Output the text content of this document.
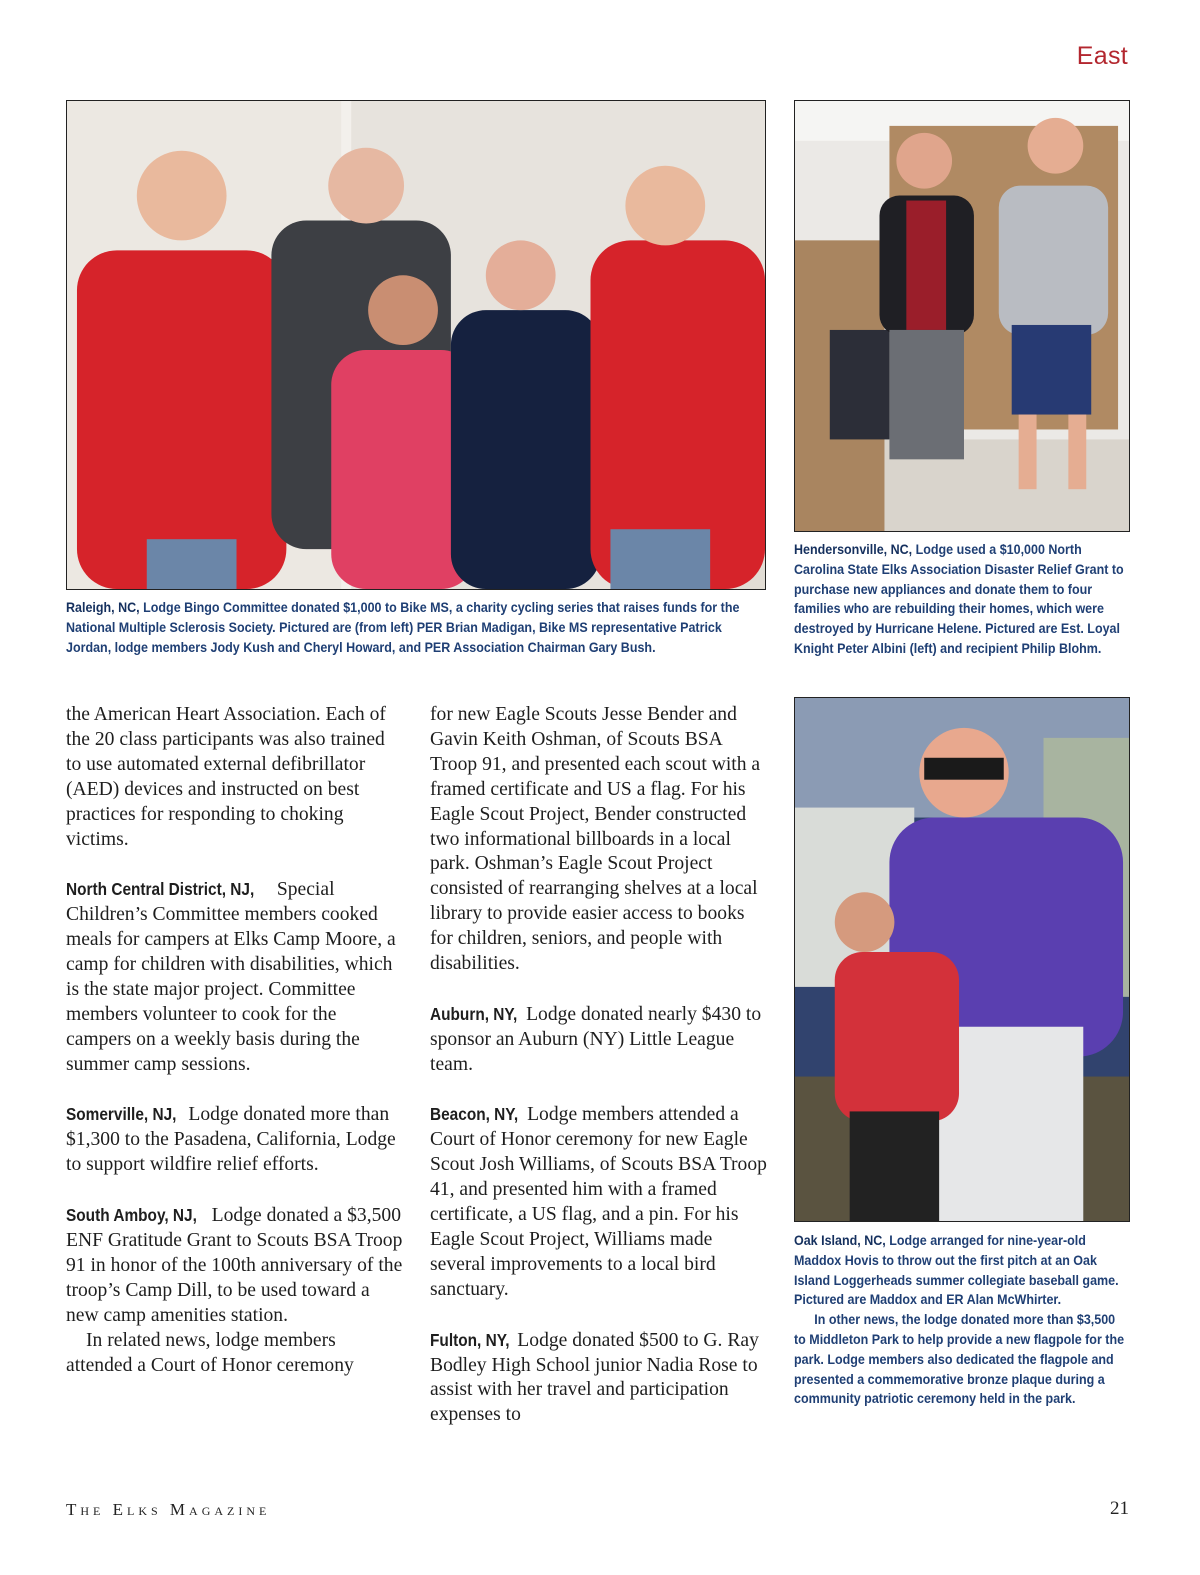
East
Raleigh, NC, Lodge Bingo Committee donated $1,000 to Bike MS, a charity cycling series that raises funds for the National Multiple Sclerosis Society. Pictured are (from left) PER Brian Madigan, Bike MS representative Patrick Jordan, lodge members Jody Kush and Cheryl Howard, and PER Association Chairman Gary Bush.
Hendersonville, NC, Lodge used a $10,000 North Carolina State Elks Association Disaster Relief Grant to purchase new appliances and donate them to four families who are rebuilding their homes, which were destroyed by Hurricane Helene. Pictured are Est. Loyal Knight Peter Albini (left) and recipient Philip Blohm.

Oak Island, NC, Lodge arranged for nine-year-old Maddox Hovis to throw out the first pitch at an Oak Island Loggerheads summer collegiate baseball game. Pictured are Maddox and ER Alan McWhirter.

In other news, the lodge donated more than $3,500 to Middleton Park to help provide a new flagpole for the park. Lodge members also dedicated the flagpole and presented a commemorative bronze plaque during a community patriotic ceremony held in the park.

the American Heart Association. Each of the 20 class participants was also trained to use automated external defibrillator (AED) devices and instructed on best practices for responding to choking victims.

North Central District, NJ, Special Children’s Committee members cooked meals for campers at Elks Camp Moore, a camp for children with disabilities, which is the state major project. Committee members volunteer to cook for the campers on a weekly basis during the summer camp sessions.

Somerville, NJ, Lodge donated more than $1,300 to the Pasadena, California, Lodge to support wildfire relief efforts.

South Amboy, NJ, Lodge donated a $3,500 ENF Gratitude Grant to Scouts BSA Troop 91 in honor of the 100th anniversary of the troop’s Camp Dill, to be used toward a new camp amenities station.

In related news, lodge members attended a Court of Honor ceremony

for new Eagle Scouts Jesse Bender and Gavin Keith Oshman, of Scouts BSA Troop 91, and presented each scout with a framed certificate and US a flag. For his Eagle Scout Project, Bender constructed two informational billboards in a local park. Oshman’s Eagle Scout Project consisted of rearranging shelves at a local library to provide easier access to books for children, seniors, and people with disabilities.

Auburn, NY, Lodge donated nearly $430 to sponsor an Auburn (NY) Little League team.

Beacon, NY, Lodge members attended a Court of Honor ceremony for new Eagle Scout Josh Williams, of Scouts BSA Troop 41, and presented him with a framed certificate, a US flag, and a pin. For his Eagle Scout Project, Williams made several improvements to a local bird sanctuary.

Fulton, NY, Lodge donated $500 to G. Ray Bodley High School junior Nadia Rose to assist with her travel and participation expenses to

The Elks Magazine	21
